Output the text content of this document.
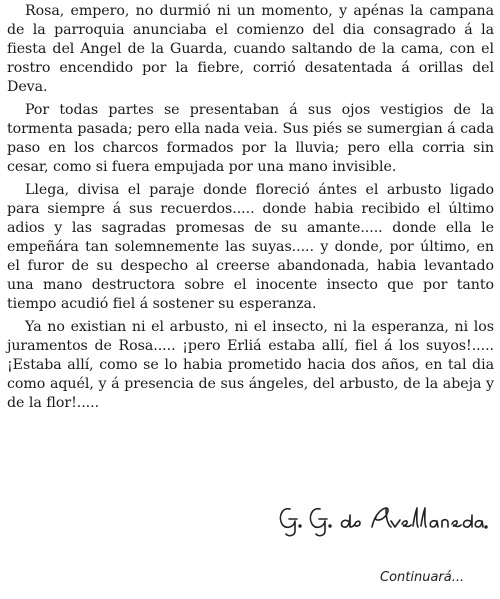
Rosa, empero, no durmió ni un momento, y apénas la campana de la parroquia anunciaba el comienzo del dia consagrado á la fiesta del Angel de la Guarda, cuando saltando de la cama, con el rostro encendido por la fiebre, corrió desatentada á orillas del Deva.

Por todas partes se presentaban á sus ojos vestigios de la tormenta pasada; pero ella nada veia. Sus piés se sumergian á cada paso en los charcos formados por la lluvia; pero ella corria sin cesar, como si fuera empujada por una mano invisible.

Llega, divisa el paraje donde floreció ántes el arbusto ligado para siempre á sus recuerdos..... donde habia recibido el último adios y las sagradas promesas de su amante..... donde ella le empeñára tan solemnemente las suyas..... y donde, por último, en el furor de su despecho al creerse abandonada, habia levantado una mano destructora sobre el inocente insecto que por tanto tiempo acudió fiel á sostener su esperanza.

Ya no existian ni el arbusto, ni el insecto, ni la esperanza, ni los juramentos de Rosa..... ¡pero Erliá estaba allí, fiel á los suyos!..... ¡Estaba allí, como se lo habia prometido hacia dos años, en tal dia como aquél, y á presencia de sus ángeles, del arbusto, de la abeja y de la flor!.....

Continuará...
